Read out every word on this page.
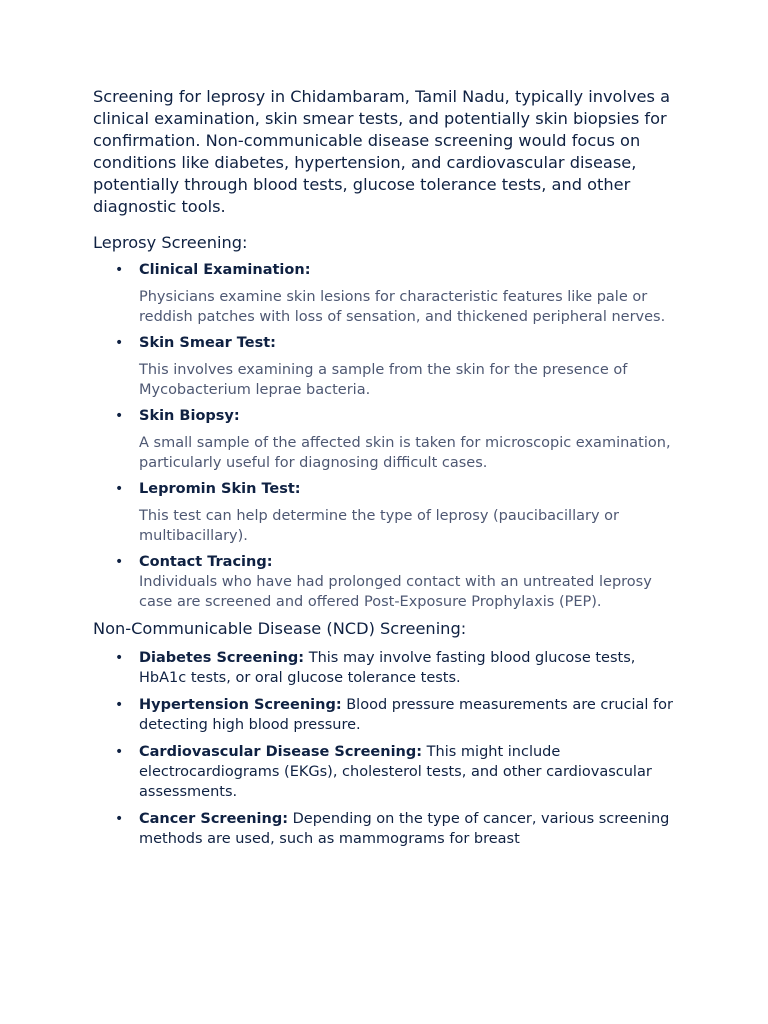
Screening for leprosy in Chidambaram, Tamil Nadu, typically involves a clinical examination, skin smear tests, and potentially skin biopsies for confirmation. Non-communicable disease screening would focus on conditions like diabetes, hypertension, and cardiovascular disease, potentially through blood tests, glucose tolerance tests, and other diagnostic tools.

Leprosy Screening:
• Clinical Examination:
Physicians examine skin lesions for characteristic features like pale or reddish patches with loss of sensation, and thickened peripheral nerves.
• Skin Smear Test:
This involves examining a sample from the skin for the presence of Mycobacterium leprae bacteria.
• Skin Biopsy:
A small sample of the affected skin is taken for microscopic examination, particularly useful for diagnosing difficult cases.
• Lepromin Skin Test:
This test can help determine the type of leprosy (paucibacillary or multibacillary).
• Contact Tracing:
Individuals who have had prolonged contact with an untreated leprosy case are screened and offered Post-Exposure Prophylaxis (PEP).
Non-Communicable Disease (NCD) Screening:
• Diabetes Screening: This may involve fasting blood glucose tests, HbA1c tests, or oral glucose tolerance tests.
• Hypertension Screening: Blood pressure measurements are crucial for detecting high blood pressure.
• Cardiovascular Disease Screening: This might include electrocardiograms (EKGs), cholesterol tests, and other cardiovascular assessments.
• Cancer Screening: Depending on the type of cancer, various screening methods are used, such as mammograms for breast
